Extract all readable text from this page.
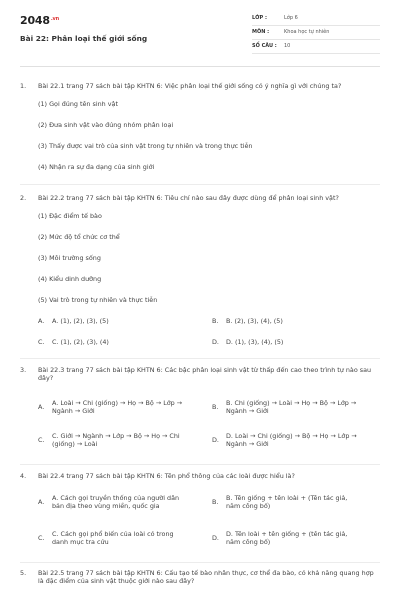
$2048^{.vn}$
Bài 22: Phân loại thế giới sống
LỚP :	Lớp 6
MÔN :	Khoa học tự nhiên
SỐ CÂU :	10
1.	Bài 22.1 trang 77 sách bài tập KHTN 6: Việc phân loại thế giới sống có ý nghĩa gì với chúng ta?
(1) Gọi đúng tên sinh vật
(2) Đưa sinh vật vào đúng nhóm phân loại
(3) Thấy được vai trò của sinh vật trong tự nhiên và trong thực tiễn
(4) Nhận ra sự đa dạng của sinh giới
2.	Bài 22.2 trang 77 sách bài tập KHTN 6: Tiêu chí nào sau đây được dùng để phân loại sinh vật?
(1) Đặc điểm tế bào
(2) Mức độ tổ chức cơ thể
(3) Môi trường sống
(4) Kiểu dinh dưỡng
(5) Vai trò trong tự nhiên và thực tiễn
A.	A. (1), (2), (3), (5)	B.	B. (2), (3), (4), (5)
C.	C. (1), (2), (3), (4)	D.	D. (1), (3), (4), (5)
3.	Bài 22.3 trang 77 sách bài tập KHTN 6: Các bậc phân loại sinh vật từ thấp đến cao theo trình tự nào sau đây?
A.	A. Loài → Chi (giống) → Họ → Bộ → Lớp → Ngành → Giới	B.	B. Chi (giống) → Loài → Họ → Bộ → Lớp → Ngành → Giới
C.	C. Giới → Ngành → Lớp → Bộ → Họ → Chi (giống) → Loài	D.	D. Loài → Chi (giống) → Bộ → Họ → Lớp → Ngành → Giới
4.	Bài 22.4 trang 77 sách bài tập KHTN 6: Tên phổ thông của các loài được hiểu là?
A.	A. Cách gọi truyền thống của người dân bản địa theo vùng miền, quốc gia	B.	B. Tên giống + tên loài + (Tên tác giả, năm công bố)
C.	C. Cách gọi phổ biến của loài có trong danh mục tra cứu	D.	D. Tên loài + tên giống + (tên tác giả, năm công bố)
5.	Bài 22.5 trang 77 sách bài tập KHTN 6: Cấu tạo tế bào nhân thực, cơ thể đa bào, có khả năng quang hợp là đặc điểm của sinh vật thuộc giới nào sau đây?
